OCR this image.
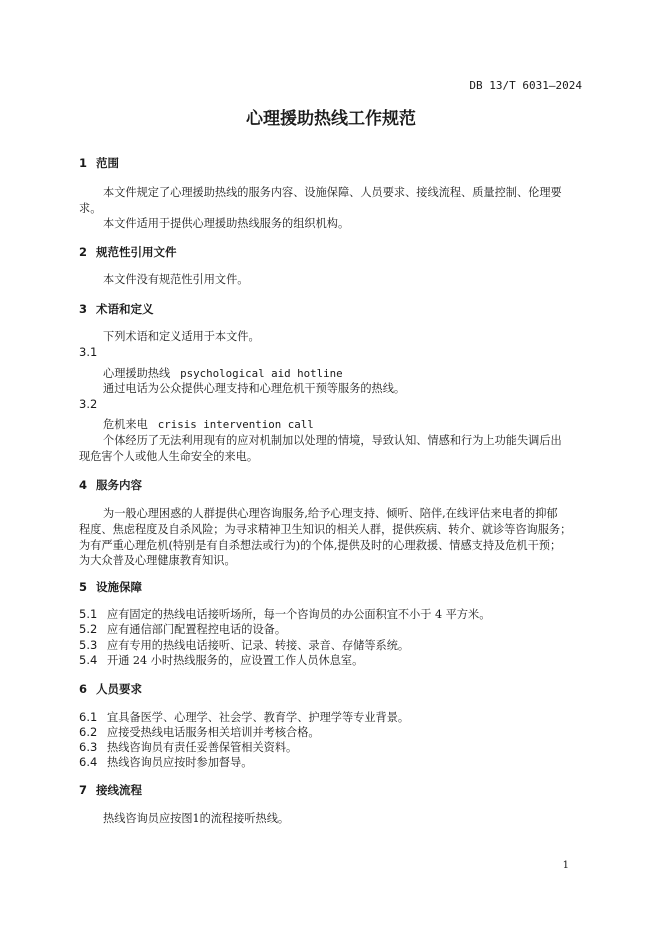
DB 13/T 6031—2024
心理援助热线工作规范
1 范围
本文件规定了心理援助热线的服务内容、设施保障、人员要求、接线流程、质量控制、伦理要
求。
本文件适用于提供心理援助热线服务的组织机构。
2 规范性引用文件
本文件没有规范性引用文件。
3 术语和定义
下列术语和定义适用于本文件。
3.1
心理援助热线 psychological aid hotline
通过电话为公众提供心理支持和心理危机干预等服务的热线。
3.2
危机来电 crisis intervention call
个体经历了无法利用现有的应对机制加以处理的情境，导致认知、情感和行为上功能失调后出
现危害个人或他人生命安全的来电。
4 服务内容
为一般心理困惑的人群提供心理咨询服务,给予心理支持、倾听、陪伴,在线评估来电者的抑郁
程度、焦虑程度及自杀风险；为寻求精神卫生知识的相关人群，提供疾病、转介、就诊等咨询服务；
为有严重心理危机(特别是有自杀想法或行为)的个体,提供及时的心理救援、情感支持及危机干预；
为大众普及心理健康教育知识。
5 设施保障
5.1 应有固定的热线电话接听场所，每一个咨询员的办公面积宜不小于 4 平方米。
5.2 应有通信部门配置程控电话的设备。
5.3 应有专用的热线电话接听、记录、转接、录音、存储等系统。
5.4 开通 24 小时热线服务的，应设置工作人员休息室。
6 人员要求
6.1 宜具备医学、心理学、社会学、教育学、护理学等专业背景。
6.2 应接受热线电话服务相关培训并考核合格。
6.3 热线咨询员有责任妥善保管相关资料。
6.4 热线咨询员应按时参加督导。
7 接线流程
热线咨询员应按图1的流程接听热线。
1
